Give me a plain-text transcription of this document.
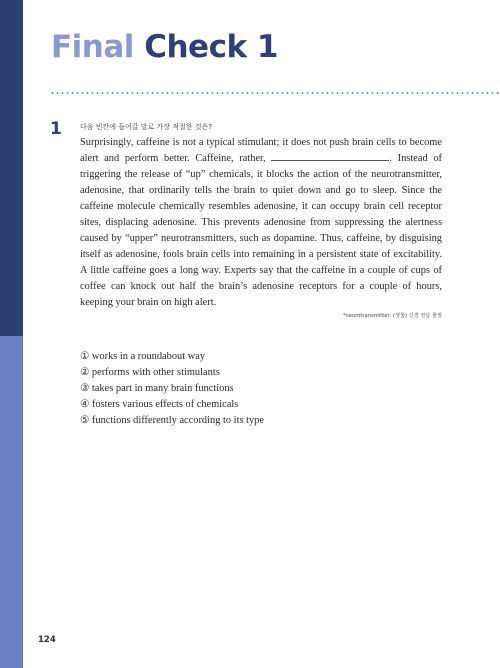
Final Check 1
1	다음 빈칸에 들어갈 말로 가장 적절한 것은?

Surprisingly, caffeine is not a typical stimulant; it does not push brain cells to become alert and perform better. Caffeine, rather,	. Instead of triggering the release of “up” chemicals, it blocks the action of the neurotransmitter, adenosine, that ordinarily tells the brain to quiet down and go to sleep. Since the caffeine molecule chemically resembles adenosine, it can occupy brain cell receptor sites, displacing adenosine. This prevents adenosine from suppressing the alertness caused by “upper” neurotransmitters, such as dopamine. Thus, caffeine, by disguising itself as adenosine, fools brain cells into remaining in a persistent state of excitability. A little caffeine goes a long way. Experts say that the caffeine in a couple of cups of coffee can knock out half the brain’s adenosine receptors for a couple of hours, keeping your brain on high alert.

*neurotransmitter: (생물) 신경 전달 물질
① works in a roundabout way
② performs with other stimulants
③ takes part in many brain functions
④ fosters various effects of chemicals
⑤ functions differently according to its type
124
